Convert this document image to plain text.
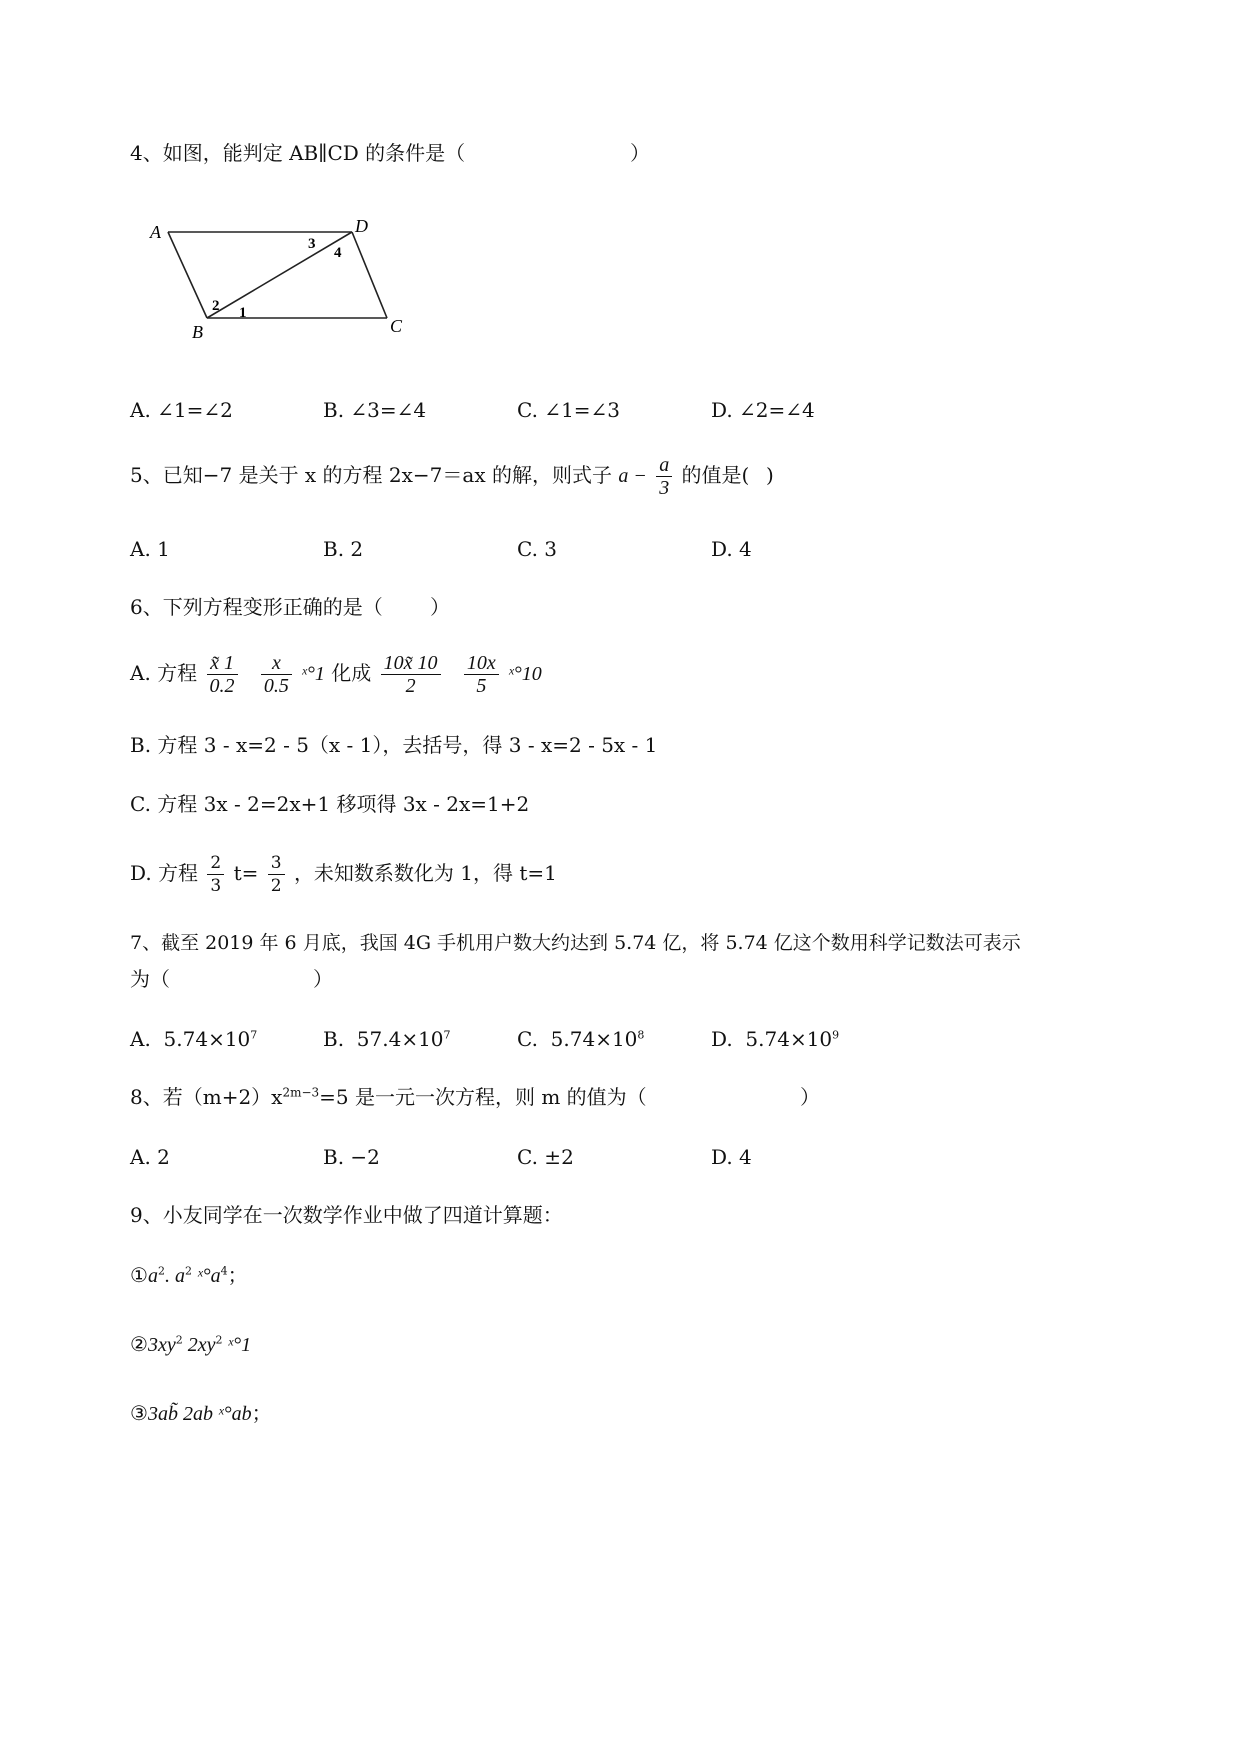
4、如图，能判定 AB∥CD 的条件是（	）
A	D
B	C
1
2
3
4
A. ∠1=∠2	B. ∠3=∠4	C. ∠1=∠3	D. ∠2=∠4
5、已知−7 是关于 x 的方程 2x−7＝ax 的解，则式子 $a - \frac{a}{3}$ 的值是( )
A. 1	B. 2	C. 3	D. 4
6、下列方程变形正确的是（ ）
A. 方程 $\frac{x̃ 1}{0.2}$
$\frac{x}{0.5}$ ˣ°1 化成 $\frac{10x̃ 10}{2}$
$\frac{10x}{5}$ ˣ°10
B. 方程 3 - x=2 - 5（x - 1），去括号，得 3 - x=2 - 5x - 1
C. 方程 3x - 2=2x+1 移项得 3x - 2x=1+2
D. 方程 $\frac{2}{3} t= \frac{3}{2}$ ，未知数系数化为 1，得 t=1
7、截至 2019 年 6 月底，我国 4G 手机用户数大约达到 5.74 亿，将 5.74 亿这个数用科学记数法可表示
为（	）
A. $5.74\times 10^7$	B. $57.4\times 10^7$	C. $5.74\times 10^8$	D. $5.74\times 10^9$
8、若$(m+2)x^{2m-3}=5$ 是一元一次方程，则 m 的值为（	）
A. 2	B. −2	C. ±2	D. 4
9、小友同学在一次数学作业中做了四道计算题：
$①a^2$. $a^2$ $ˣ^\circ a^4$；
$②3xy^2$ $2xy^2$ ˣ°1
③3ab̃ 2ab ˣ°ab；
